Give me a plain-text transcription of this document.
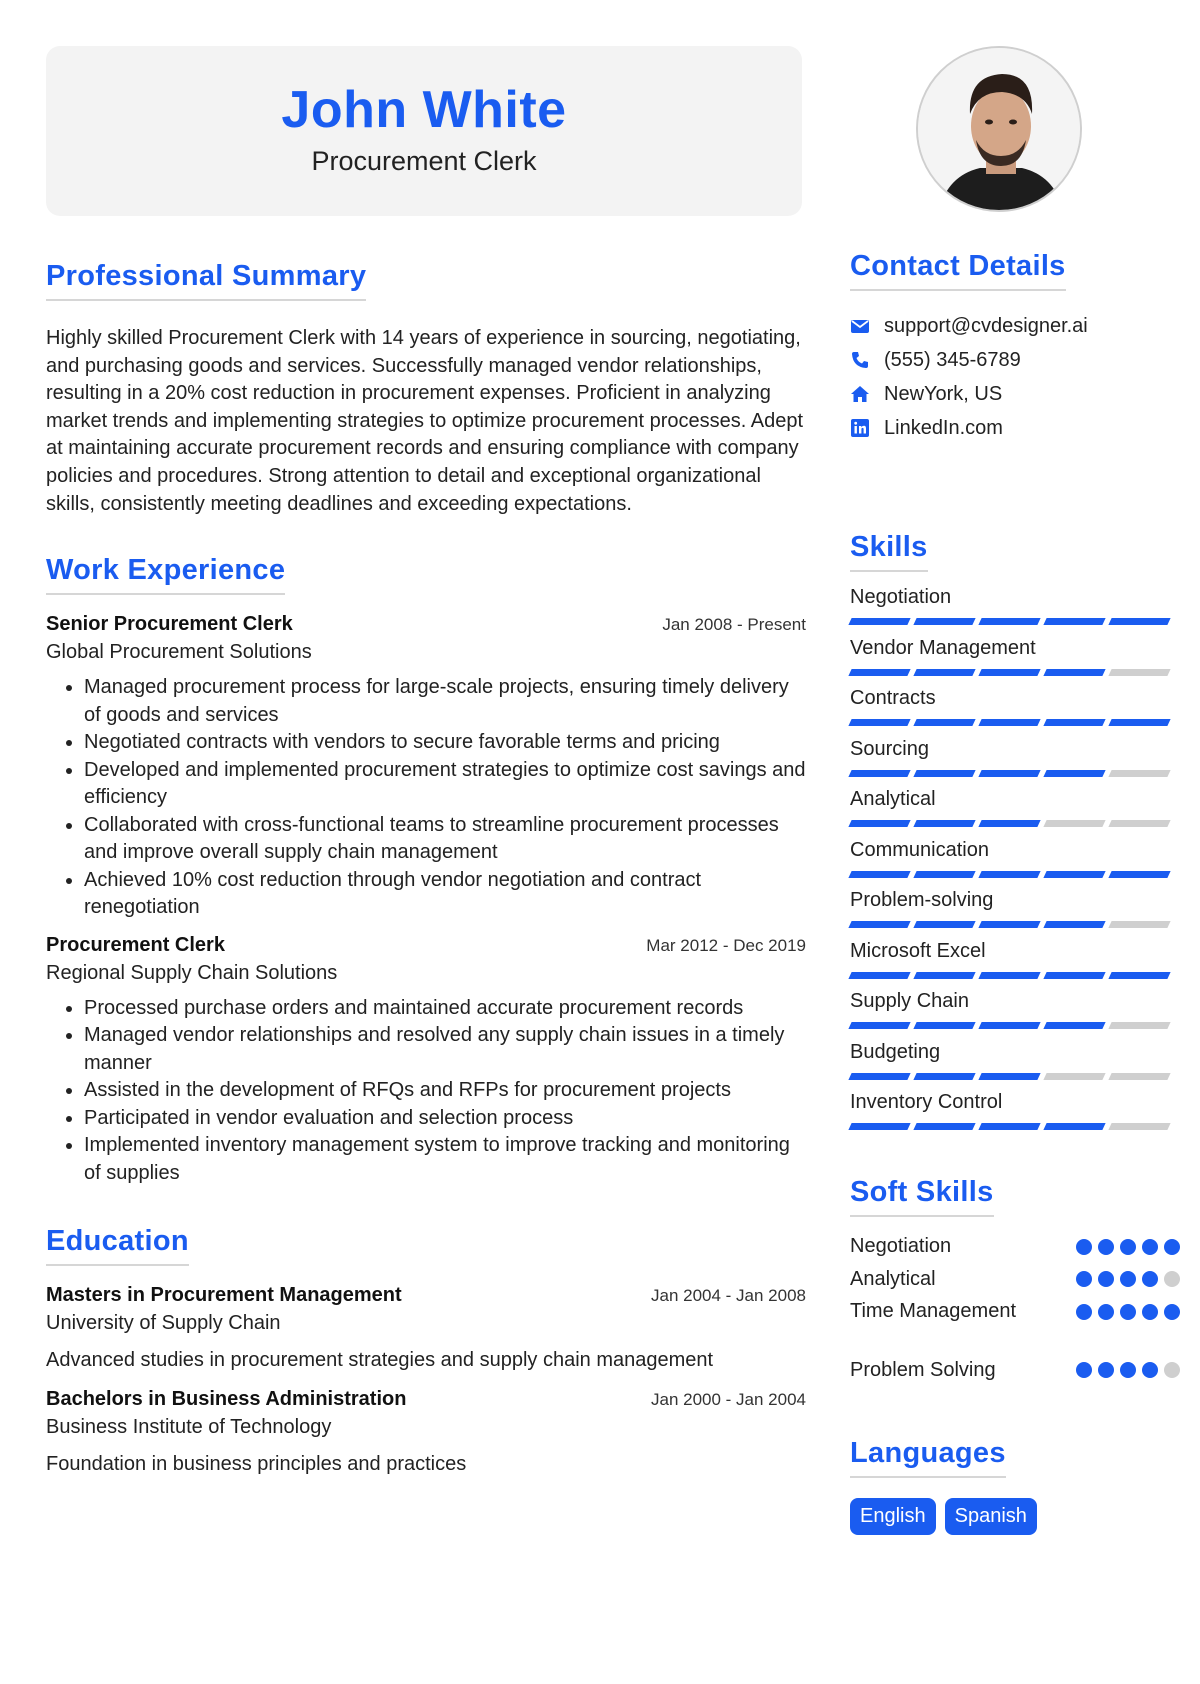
John White
Procurement Clerk
Professional Summary

Highly skilled Procurement Clerk with 14 years of experience in sourcing, negotiating, and purchasing goods and services. Successfully managed vendor relationships, resulting in a 20% cost reduction in procurement expenses. Proficient in analyzing market trends and implementing strategies to optimize procurement processes. Adept at maintaining accurate procurement records and ensuring compliance with company policies and procedures. Strong attention to detail and exceptional organizational skills, consistently meeting deadlines and exceeding expectations.

Work Experience
Senior Procurement Clerk	Jan 2008 - Present
Global Procurement Solutions
• Managed procurement process for large-scale projects, ensuring timely delivery of goods and services
• Negotiated contracts with vendors to secure favorable terms and pricing
• Developed and implemented procurement strategies to optimize cost savings and efficiency
• Collaborated with cross-functional teams to streamline procurement processes and improve overall supply chain management
• Achieved 10% cost reduction through vendor negotiation and contract renegotiation
Procurement Clerk	Mar 2012 - Dec 2019
Regional Supply Chain Solutions
• Processed purchase orders and maintained accurate procurement records
• Managed vendor relationships and resolved any supply chain issues in a timely manner
• Assisted in the development of RFQs and RFPs for procurement projects
• Participated in vendor evaluation and selection process
• Implemented inventory management system to improve tracking and monitoring of supplies
Education
Masters in Procurement Management	Jan 2004 - Jan 2008
University of Supply Chain
Advanced studies in procurement strategies and supply chain management
Bachelors in Business Administration	Jan 2000 - Jan 2004
Business Institute of Technology
Foundation in business principles and practices
Contact Details
support@cvdesigner.ai
(555) 345-6789
NewYork, US
LinkedIn.com
Skills
Negotiation
Vendor Management
Contracts
Sourcing
Analytical
Communication
Problem-solving
Microsoft Excel
Supply Chain
Budgeting
Inventory Control
Soft Skills
Negotiation
Analytical
Time Management
Problem Solving
Languages
English	Spanish
